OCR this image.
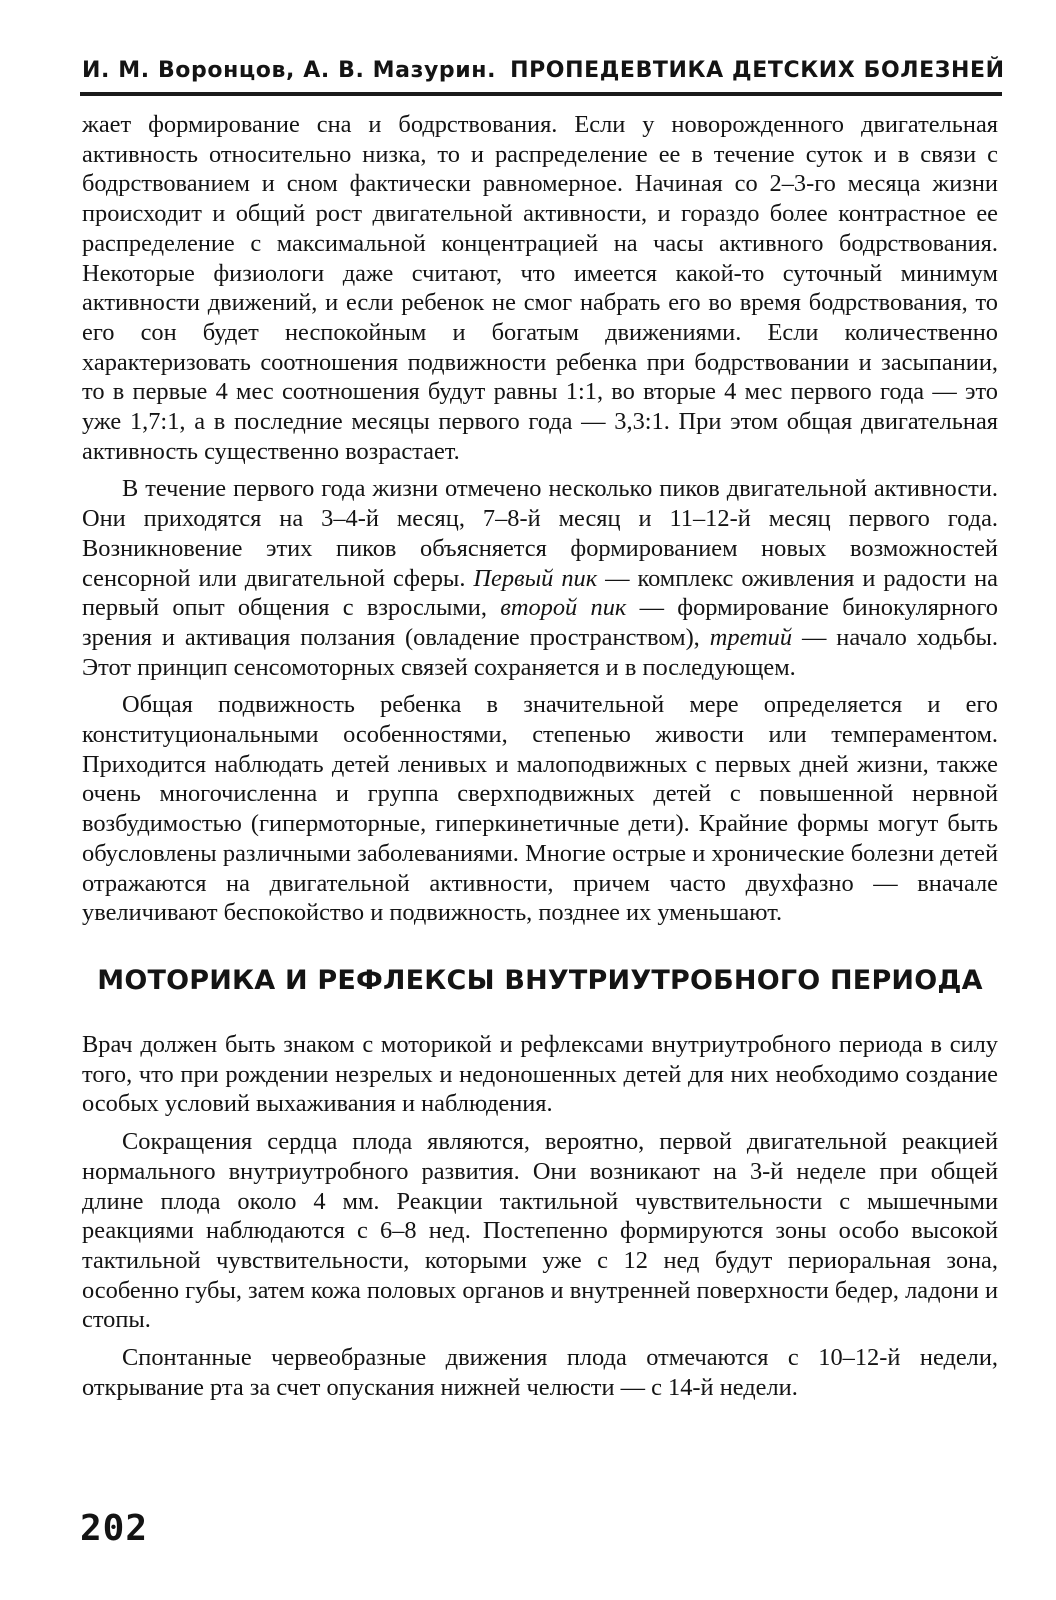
И. М. Воронцов, А. В. Мазурин. ПРОПЕДЕВТИКА ДЕТСКИХ БОЛЕЗНЕЙ

жает формирование сна и бодрствования. Если у новорожденного двигательная активность относительно низка, то и распределение ее в течение суток и в связи с бодрствованием и сном фактически равномерное. Начиная со 2–3-го месяца жизни происходит и общий рост двигательной активности, и гораздо более контрастное ее распределение с максимальной концентрацией на часы активного бодрствования. Некоторые физиологи даже считают, что имеется какой-то суточный минимум активности движений, и если ребенок не смог набрать его во время бодрствования, то его сон будет неспокойным и богатым движениями. Если количественно характеризовать соотношения подвижности ребенка при бодрствовании и засыпании, то в первые 4 мес соотношения будут равны 1:1, во вторые 4 мес первого года — это уже 1,7:1, а в последние месяцы первого года — 3,3:1. При этом общая двигательная активность существенно возрастает.

В течение первого года жизни отмечено несколько пиков двигательной активности. Они приходятся на 3–4-й месяц, 7–8-й месяц и 11–12-й месяц первого года. Возникновение этих пиков объясняется формированием новых возможностей сенсорной или двигательной сферы. Первый пик — комплекс оживления и радости на первый опыт общения с взрослыми, второй пик — формирование бинокулярного зрения и активация ползания (овладение пространством), третий — начало ходьбы. Этот принцип сенсомоторных связей сохраняется и в последующем.

Общая подвижность ребенка в значительной мере определяется и его конституциональными особенностями, степенью живости или темпераментом. Приходится наблюдать детей ленивых и малоподвижных с первых дней жизни, также очень многочисленна и группа сверхподвижных детей с повышенной нервной возбудимостью (гипермоторные, гиперкинетичные дети). Крайние формы могут быть обусловлены различными заболеваниями. Многие острые и хронические болезни детей отражаются на двигательной активности, причем часто двухфазно — вначале увеличивают беспокойство и подвижность, позднее их уменьшают.

МОТОРИКА И РЕФЛЕКСЫ ВНУТРИУТРОБНОГО ПЕРИОДА

Врач должен быть знаком с моторикой и рефлексами внутриутробного периода в силу того, что при рождении незрелых и недоношенных детей для них необходимо создание особых условий выхаживания и наблюдения.

Сокращения сердца плода являются, вероятно, первой двигательной реакцией нормального внутриутробного развития. Они возникают на 3-й неделе при общей длине плода около 4 мм. Реакции тактильной чувствительности с мышечными реакциями наблюдаются с 6–8 нед. Постепенно формируются зоны особо высокой тактильной чувствительности, которыми уже с 12 нед будут периоральная зона, особенно губы, затем кожа половых органов и внутренней поверхности бедер, ладони и стопы.

Спонтанные червеобразные движения плода отмечаются с 10–12-й недели, открывание рта за счет опускания нижней челюсти — с 14-й недели.

202
